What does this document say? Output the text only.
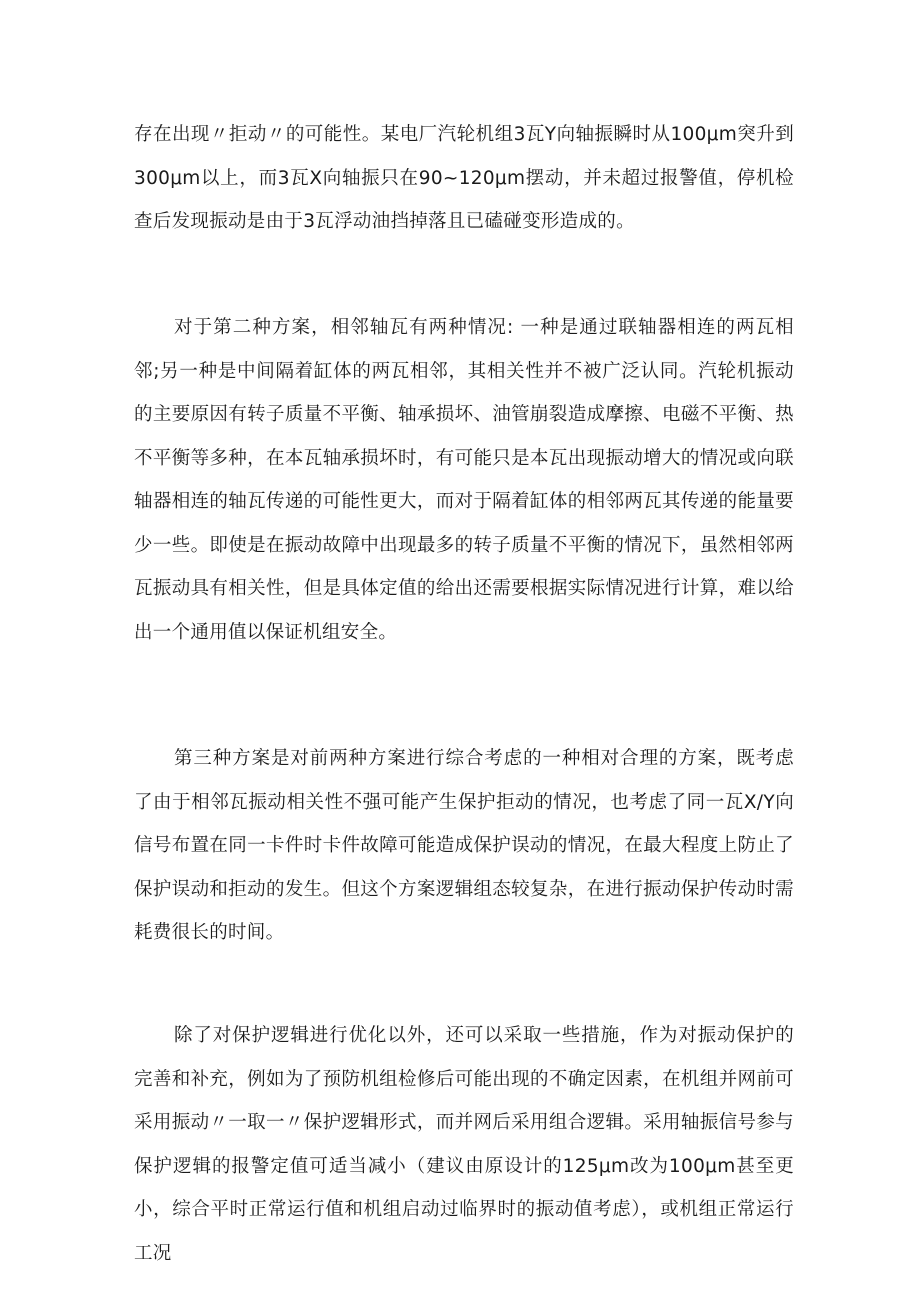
存在出现〃拒动〃的可能性。某电厂汽轮机组3瓦Y向轴振瞬时从100μm突升到300μm以上，而3瓦X向轴振只在90~120μm摆动，并未超过报警值，停机检查后发现振动是由于3瓦浮动油挡掉落且已磕碰变形造成的。

对于第二种方案，相邻轴瓦有两种情况: 一种是通过联轴器相连的两瓦相邻;另一种是中间隔着缸体的两瓦相邻，其相关性并不被广泛认同。汽轮机振动的主要原因有转子质量不平衡、轴承损坏、油管崩裂造成摩擦、电磁不平衡、热不平衡等多种，在本瓦轴承损坏时，有可能只是本瓦出现振动增大的情况或向联轴器相连的轴瓦传递的可能性更大，而对于隔着缸体的相邻两瓦其传递的能量要少一些。即使是在振动故障中出现最多的转子质量不平衡的情况下，虽然相邻两瓦振动具有相关性，但是具体定值的给出还需要根据实际情况进行计算，难以给出一个通用值以保证机组安全。

第三种方案是对前两种方案进行综合考虑的一种相对合理的方案，既考虑了由于相邻瓦振动相关性不强可能产生保护拒动的情况，也考虑了同一瓦X/Y向信号布置在同一卡件时卡件故障可能造成保护误动的情况，在最大程度上防止了保护误动和拒动的发生。但这个方案逻辑组态较复杂，在进行振动保护传动时需耗费很长的时间。

除了对保护逻辑进行优化以外，还可以采取一些措施，作为对振动保护的完善和补充，例如为了预防机组检修后可能出现的不确定因素，在机组并网前可采用振动〃一取一〃保护逻辑形式，而并网后采用组合逻辑。采用轴振信号参与保护逻辑的报警定值可适当减小（建议由原设计的125μm改为100μm甚至更小，综合平时正常运行值和机组启动过临界时的振动值考虑），或机组正常运行工况
